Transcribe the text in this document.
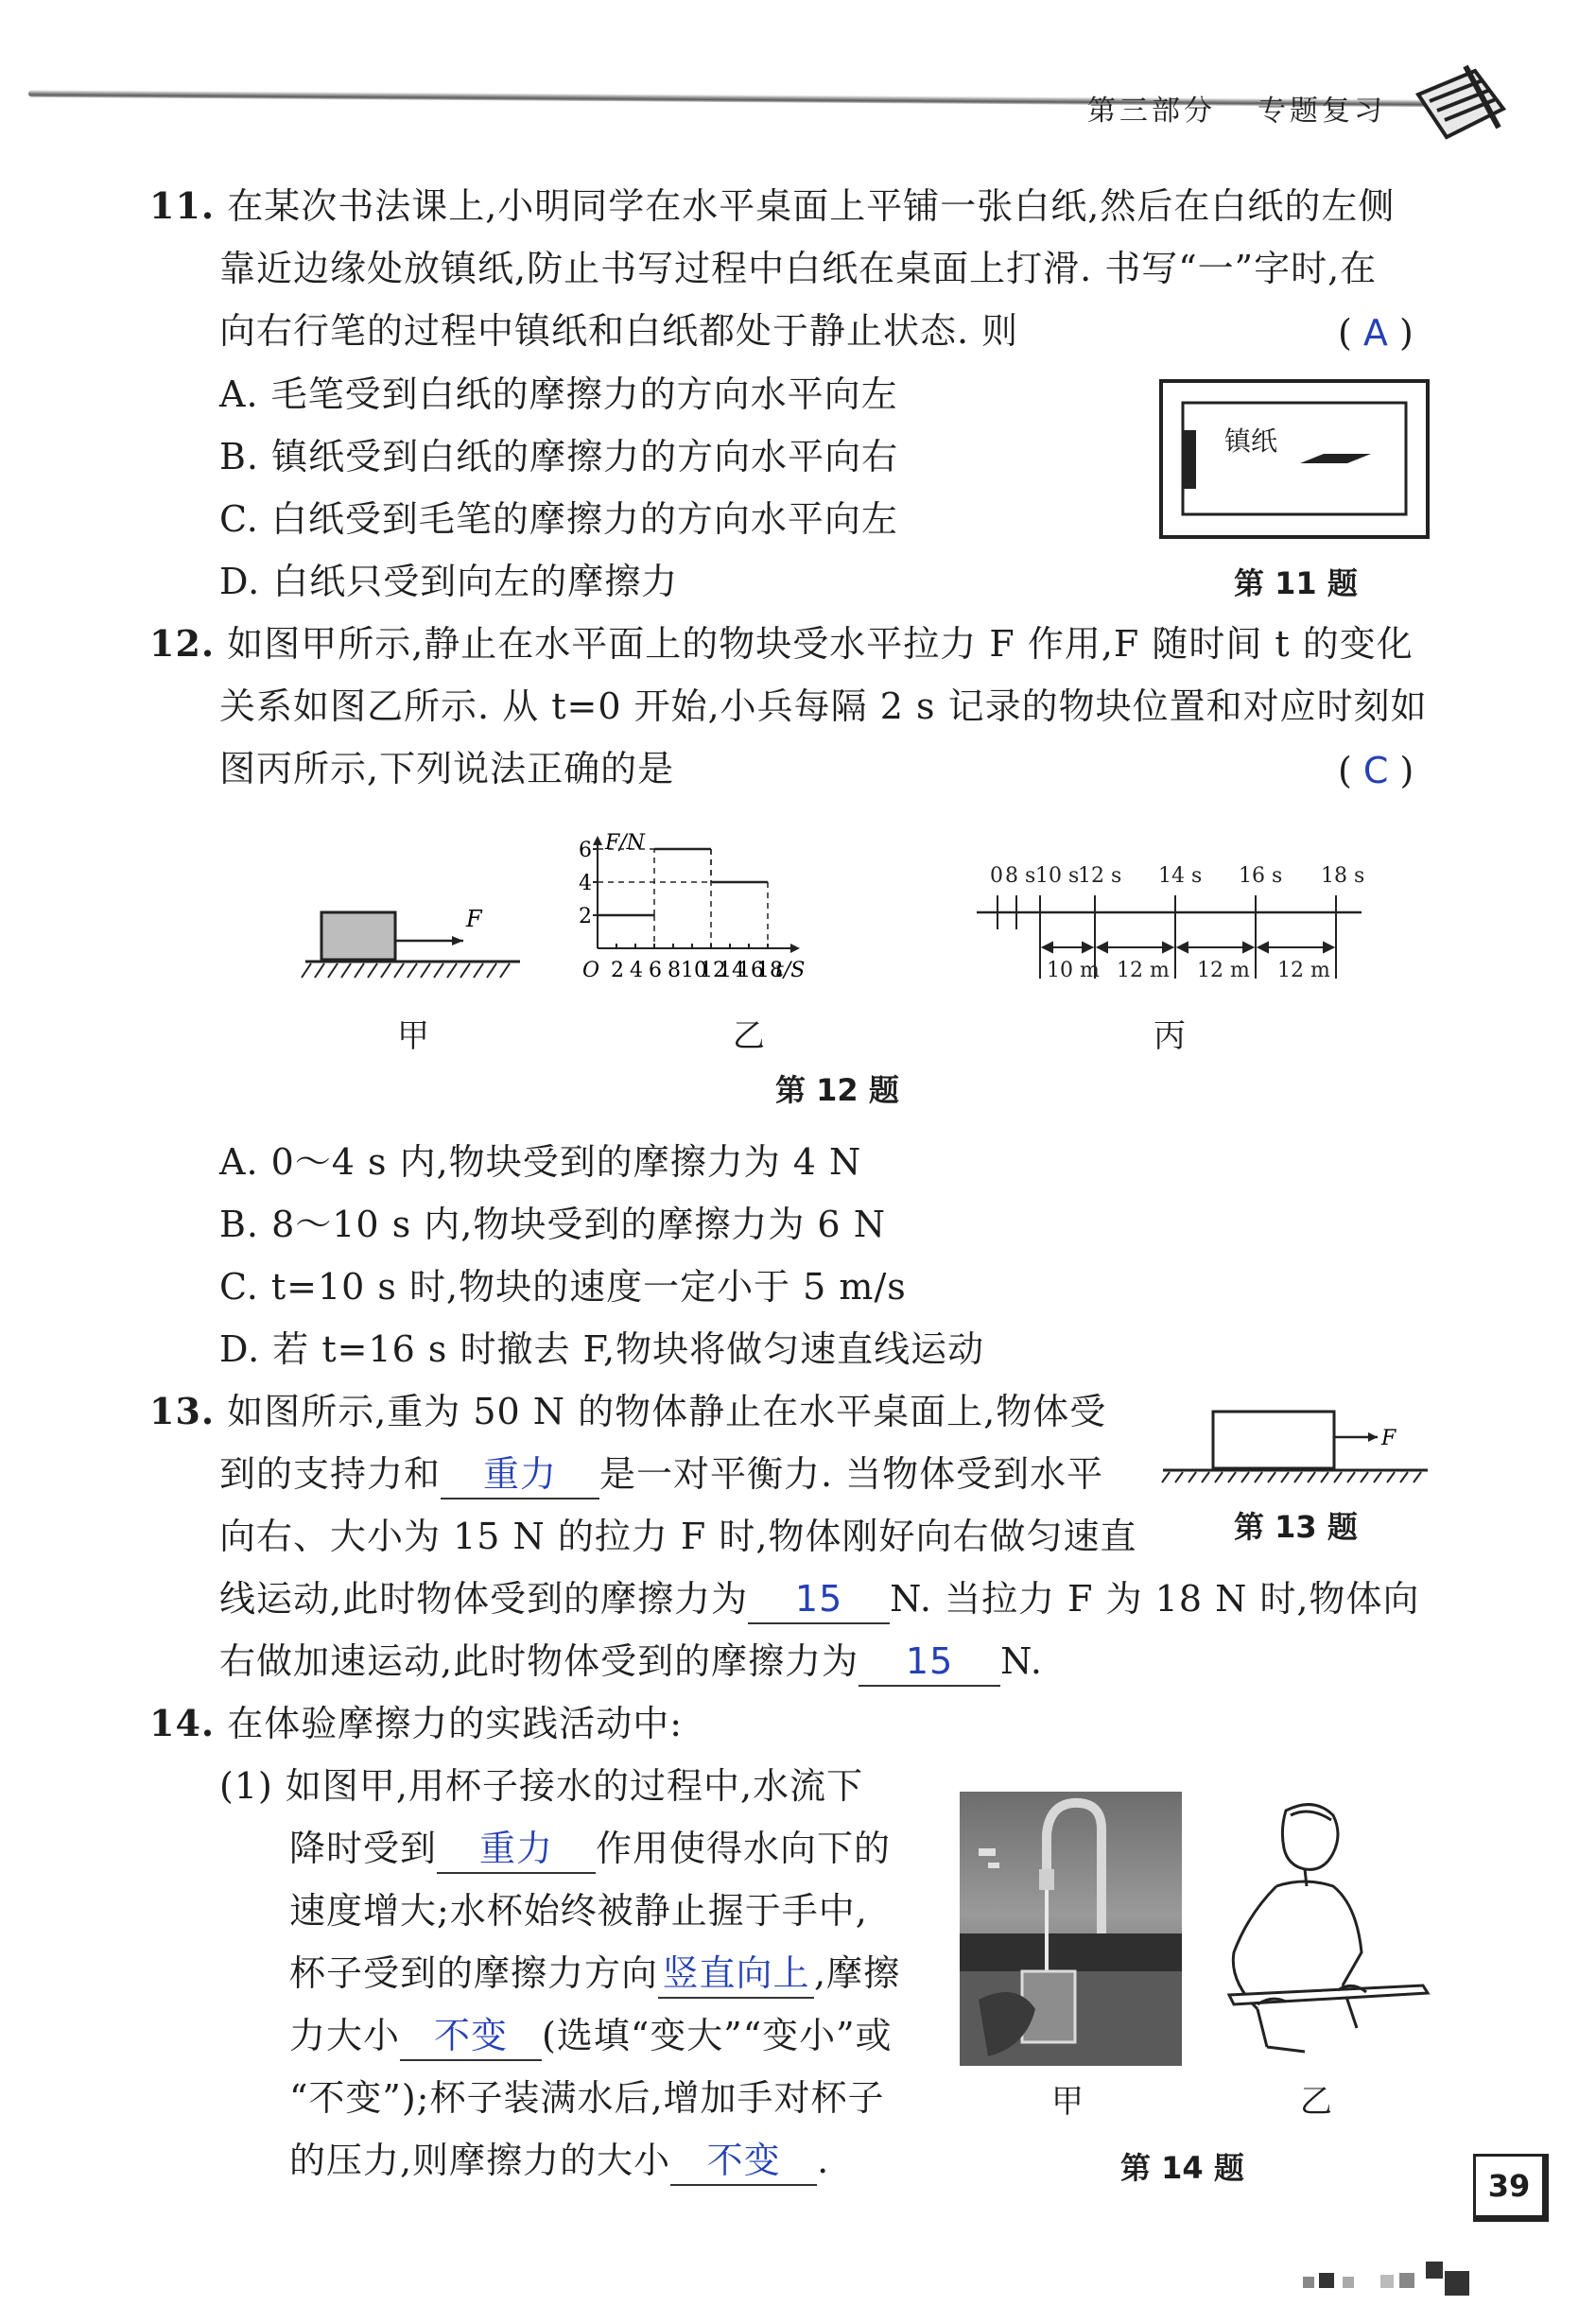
第三部分 专题复习
11. 在某次书法课上,小明同学在水平桌面上平铺一张白纸,然后在白纸的左侧
靠近边缘处放镇纸,防止书写过程中白纸在桌面上打滑. 书写“一”字时,在
向右行笔的过程中镇纸和白纸都处于静止状态. 则	( A )
A. 毛笔受到白纸的摩擦力的方向水平向左
B. 镇纸受到白纸的摩擦力的方向水平向右
C. 白纸受到毛笔的摩擦力的方向水平向左
D. 白纸只受到向左的摩擦力
镇纸
第 11 题
12. 如图甲所示,静止在水平面上的物块受水平拉力 F 作用,F 随时间 t 的变化
关系如图乙所示. 从 t=0 开始,小兵每隔 2 s 记录的物块位置和对应时刻如
图丙所示,下列说法正确的是	( C )
F
F/N
t/S
2
4
6
O 2 4 6 8 10
12
14
16
18
0 8 s 10 s
12 s 14 s 16 s 18 s
10 m 12 m 12 m 12 m
甲	乙	丙
第 12 题
A. 0～4 s 内,物块受到的摩擦力为 4 N
B. 8～10 s 内,物块受到的摩擦力为 6 N
C. t=10 s 时,物块的速度一定小于 5 m/s
D. 若 t=16 s 时撤去 F,物块将做匀速直线运动
13. 如图所示,重为 50 N 的物体静止在水平桌面上,物体受
到的支持力和 重力 是一对平衡力. 当物体受到水平
向右、大小为 15 N 的拉力 F 时,物体刚好向右做匀速直
线运动,此时物体受到的摩擦力为 15 N. 当拉力 F 为 18 N 时,物体向
右做加速运动,此时物体受到的摩擦力为 15 N.
F
第 13 题
14. 在体验摩擦力的实践活动中:
(1) 如图甲,用杯子接水的过程中,水流下
降时受到 重力 作用使得水向下的
速度增大;水杯始终被静止握于手中,
杯子受到的摩擦力方向 竖直向上 ,摩擦
力大小 不变 (选填“变大”“变小”或
“不变”);杯子装满水后,增加手对杯子
的压力,则摩擦力的大小 不变 .
甲	乙
第 14 题	39
